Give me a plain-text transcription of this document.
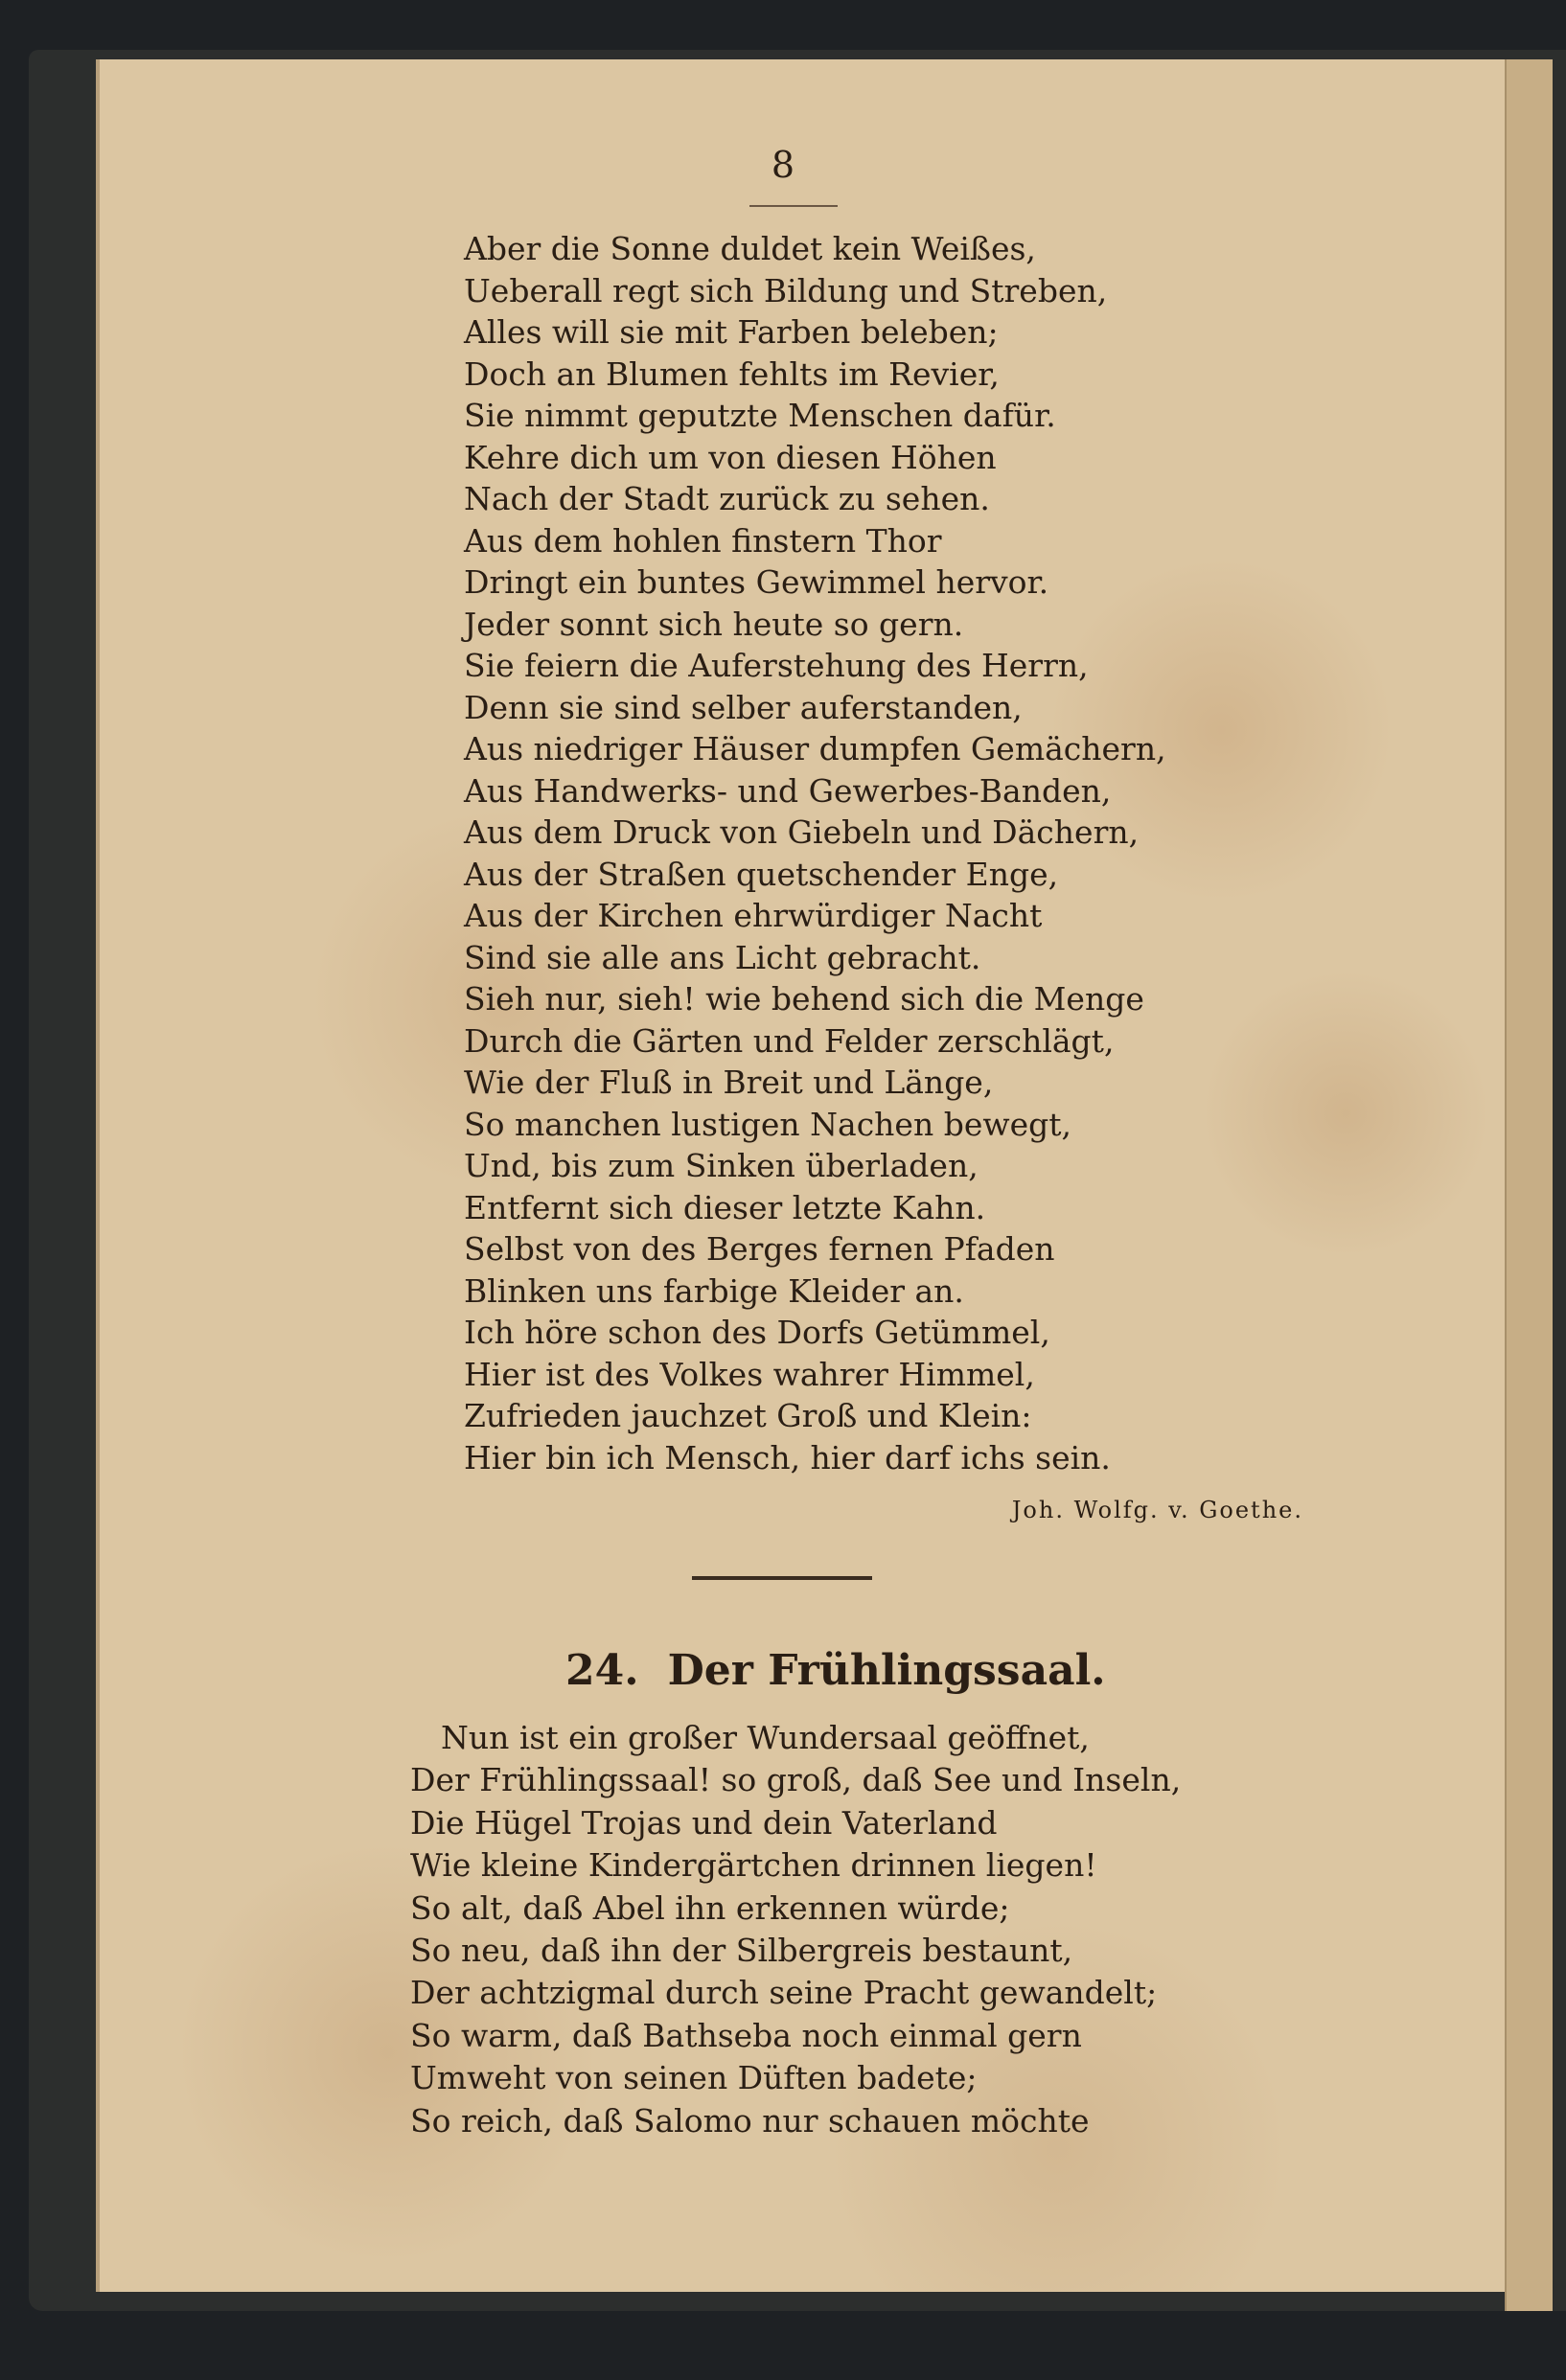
8
Aber die Sonne duldet kein Weißes,
Ueberall regt sich Bildung und Streben,
Alles will sie mit Farben beleben;
Doch an Blumen fehlts im Revier,
Sie nimmt geputzte Menschen dafür.
Kehre dich um von diesen Höhen
Nach der Stadt zurück zu sehen.
Aus dem hohlen finstern Thor
Dringt ein buntes Gewimmel hervor.
Jeder sonnt sich heute so gern.
Sie feiern die Auferstehung des Herrn,
Denn sie sind selber auferstanden,
Aus niedriger Häuser dumpfen Gemächern,
Aus Handwerks- und Gewerbes-Banden,
Aus dem Druck von Giebeln und Dächern,
Aus der Straßen quetschender Enge,
Aus der Kirchen ehrwürdiger Nacht
Sind sie alle ans Licht gebracht.
Sieh nur, sieh! wie behend sich die Menge
Durch die Gärten und Felder zerschlägt,
Wie der Fluß in Breit und Länge,
So manchen lustigen Nachen bewegt,
Und, bis zum Sinken überladen,
Entfernt sich dieser letzte Kahn.
Selbst von des Berges fernen Pfaden
Blinken uns farbige Kleider an.
Ich höre schon des Dorfs Getümmel,
Hier ist des Volkes wahrer Himmel,
Zufrieden jauchzet Groß und Klein:
Hier bin ich Mensch, hier darf ichs sein.
Joh. Wolfg. v. Goethe.
24. Der Frühlingssaal.
Nun ist ein großer Wundersaal geöffnet,
Der Frühlingssaal! so groß, daß See und Inseln,
Die Hügel Trojas und dein Vaterland
Wie kleine Kindergärtchen drinnen liegen!
So alt, daß Abel ihn erkennen würde;
So neu, daß ihn der Silbergreis bestaunt,
Der achtzigmal durch seine Pracht gewandelt;
So warm, daß Bathseba noch einmal gern
Umweht von seinen Düften badete;
So reich, daß Salomo nur schauen möchte
